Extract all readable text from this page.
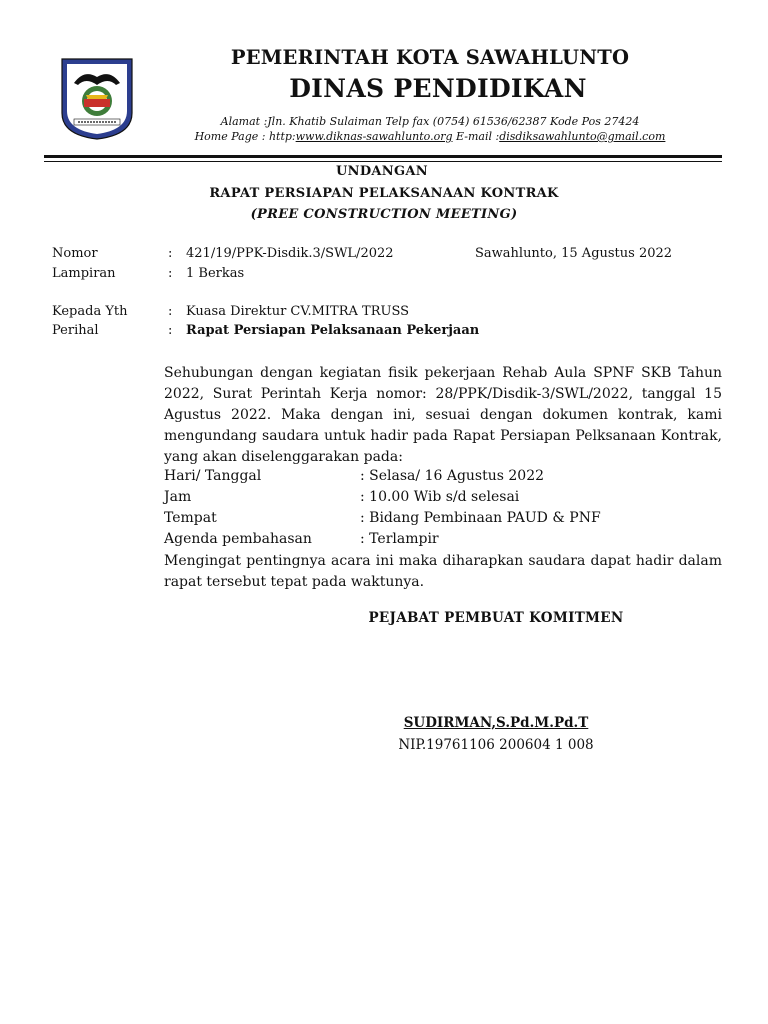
PEMERINTAH KOTA SAWAHLUNTO
DINAS PENDIDIKAN
Alamat :Jln. Khatib Sulaiman Telp fax (0754) 61536/62387 Kode Pos 27424
Home Page : http:www.diknas-sawahlunto.org E-mail :disdiksawahlunto@gmail.com
UNDANGAN
RAPAT PERSIAPAN PELAKSANAAN KONTRAK
(PREE CONSTRUCTION MEETING)
Nomor	: 421/19/PPK-Disdik.3/SWL/2022	Sawahlunto, 15 Agustus 2022
Lampiran	: 1 Berkas
Kepada Yth	: Kuasa Direktur CV.MITRA TRUSS
Perihal	: Rapat Persiapan Pelaksanaan Pekerjaan
Sehubungan dengan kegiatan fisik pekerjaan Rehab Aula SPNF SKB Tahun 2022, Surat Perintah Kerja nomor: 28/PPK/Disdik-3/SWL/2022, tanggal 15 Agustus 2022. Maka dengan ini, sesuai dengan dokumen kontrak, kami mengundang saudara untuk hadir pada Rapat Persiapan Pelksanaan Kontrak, yang akan diselenggarakan pada:
Hari/ Tanggal	: Selasa/ 16 Agustus 2022
Jam	: 10.00 Wib s/d selesai
Tempat	: Bidang Pembinaan PAUD & PNF
Agenda pembahasan	: Terlampir
Mengingat pentingnya acara ini maka diharapkan saudara dapat hadir dalam rapat tersebut tepat pada waktunya.
PEJABAT PEMBUAT KOMITMEN
SUDIRMAN,S.Pd.M.Pd.T
NIP.19761106 200604 1 008
